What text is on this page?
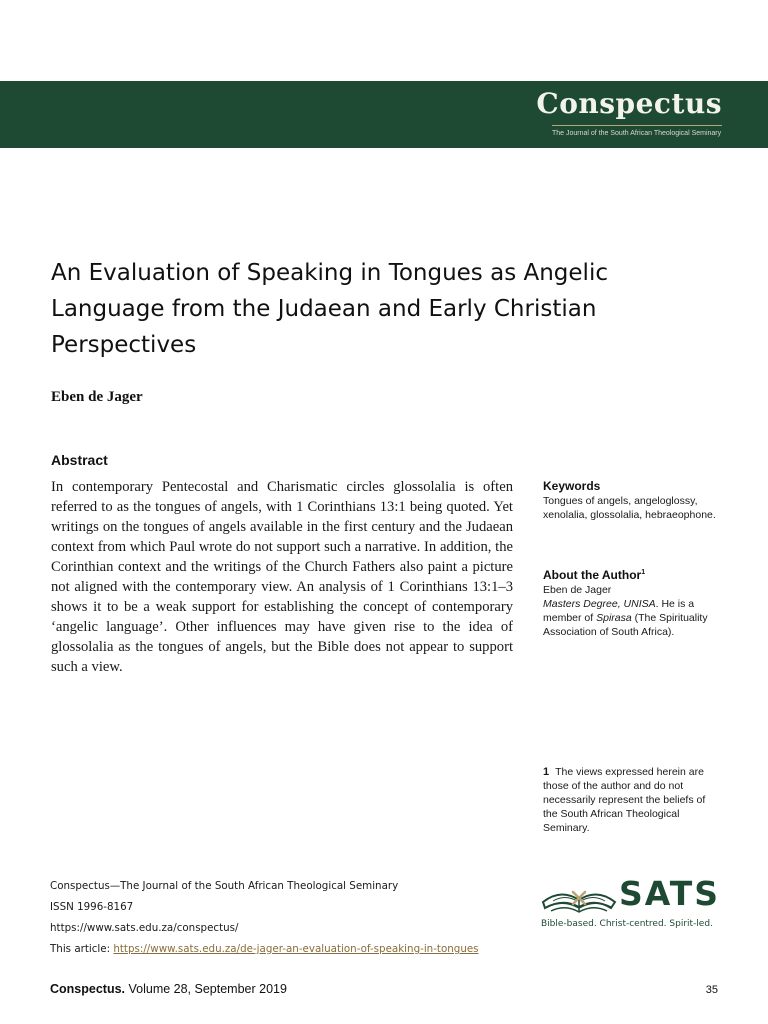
Conspectus
The Journal of the South African Theological Seminary
An Evaluation of Speaking in Tongues as Angelic Language from the Judaean and Early Christian Perspectives
Eben de Jager
Abstract

In contemporary Pentecostal and Charismatic circles glossolalia is often referred to as the tongues of angels, with 1 Corinthians 13:1 being quoted. Yet writings on the tongues of angels available in the first century and the Judaean context from which Paul wrote do not support such a narrative. In addition, the Corinthian context and the writings of the Church Fathers also paint a picture not aligned with the contemporary view. An analysis of 1 Corinthians 13:1–3 shows it to be a weak support for establishing the concept of contemporary ‘angelic language’. Other influences may have given rise to the idea of glossolalia as the tongues of angels, but the Bible does not appear to support such a view.

Keywords
Tongues of angels, angeloglossy, xenolalia, glossolalia, hebraeophone.
About the Author$^1$
Eben de Jager
Masters Degree, UNISA. He is a member of Spirasa (The Spirituality Association of South Africa).
1 The views expressed herein are those of the author and do not necessarily represent the beliefs of the South African Theological Seminary.
Conspectus—The Journal of the South African Theological Seminary
ISSN 1996-8167
https://www.sats.edu.za/conspectus/
This article: https://www.sats.edu.za/de-jager-an-evaluation-of-speaking-in-tongues
SATS
Bible-based. Christ-centred. Spirit-led.
Conspectus. Volume 28, September 2019	35
